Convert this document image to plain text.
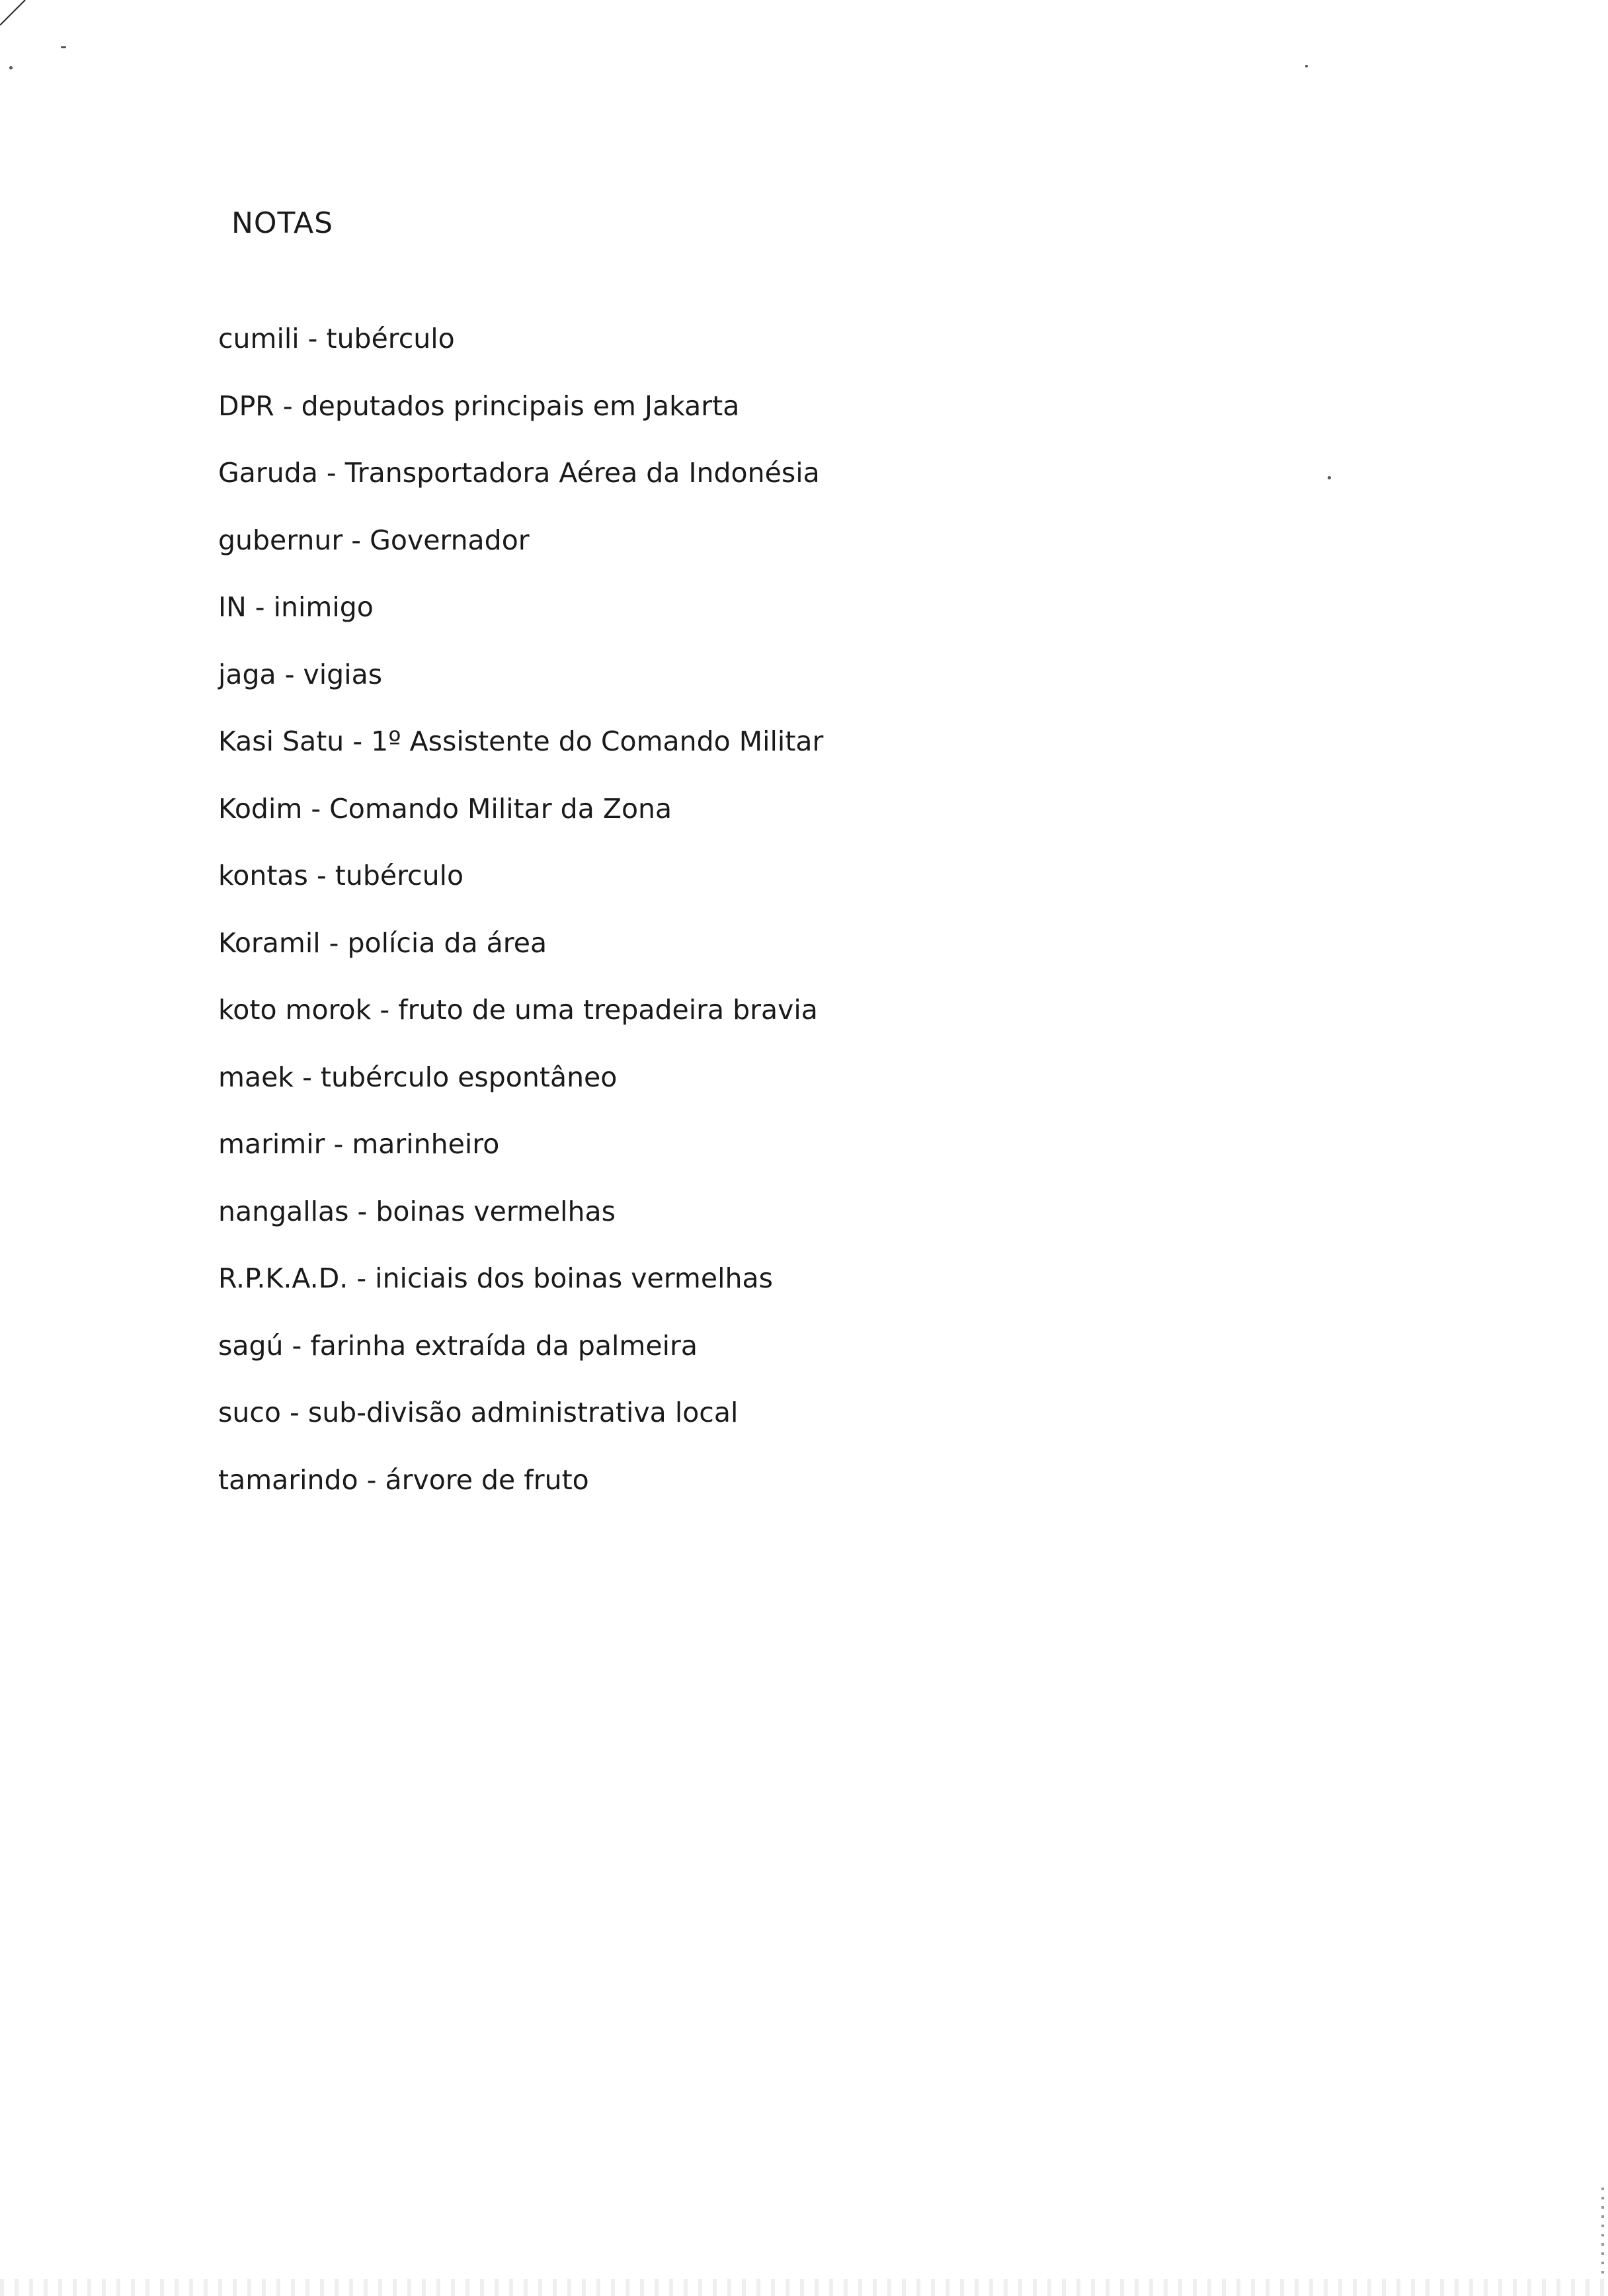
NOTAS
cumili - tubérculo
DPR - deputados principais em Jakarta
Garuda - Transportadora Aérea da Indonésia
gubernur - Governador
IN - inimigo
jaga - vigias
Kasi Satu - 1º Assistente do Comando Militar
Kodim - Comando Militar da Zona
kontas - tubérculo
Koramil - polícia da área
koto morok - fruto de uma trepadeira bravia
maek - tubérculo espontâneo
marimir - marinheiro
nangallas - boinas vermelhas
R.P.K.A.D. - iniciais dos boinas vermelhas
sagú - farinha extraída da palmeira
suco - sub-divisão administrativa local
tamarindo - árvore de fruto
